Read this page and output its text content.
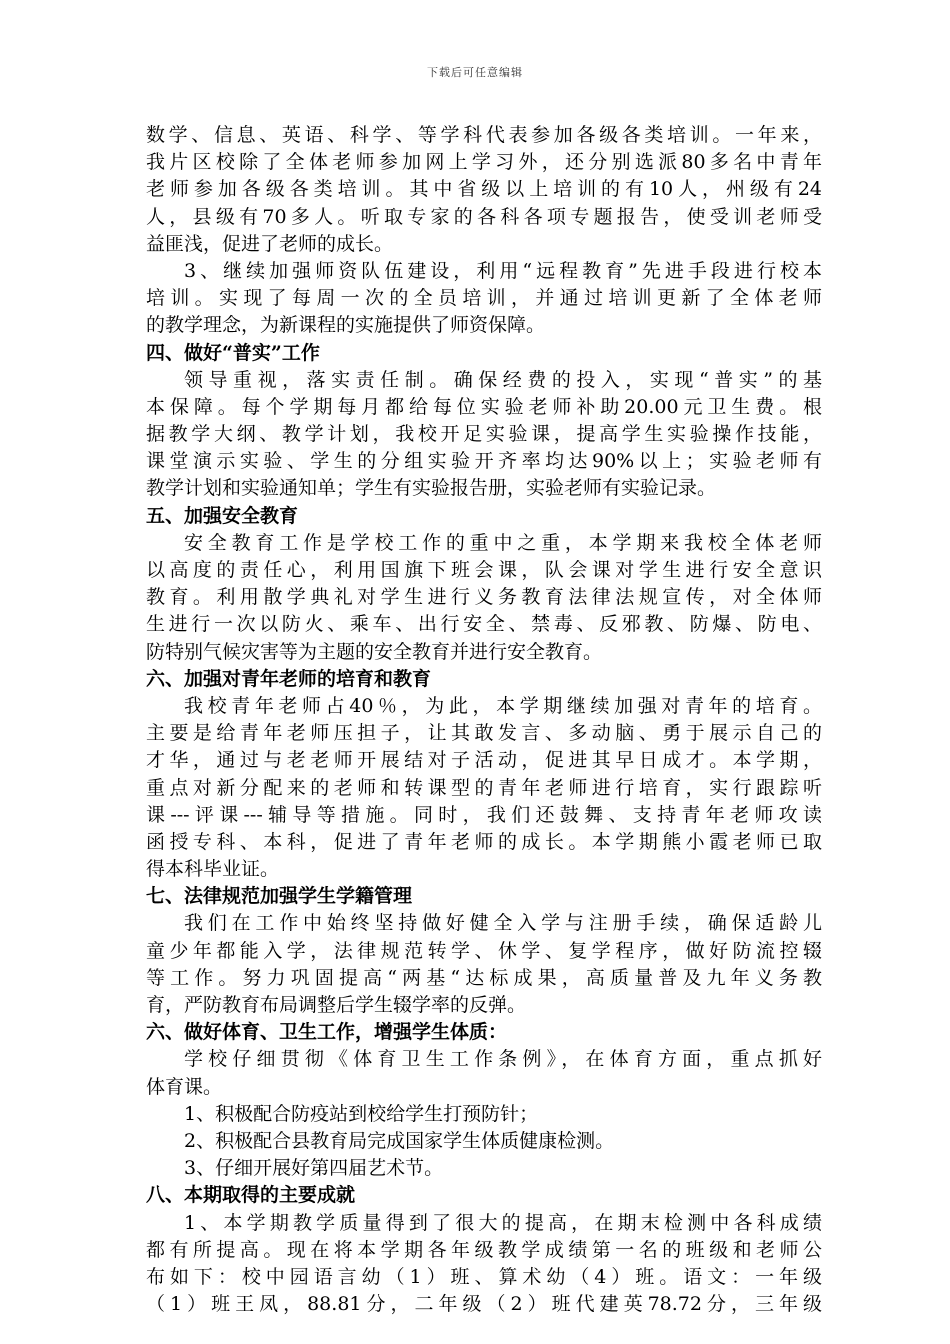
下载后可任意编辑
数学、信息、英语、科学、等学科代表参加各级各类培训。一年来，
我片区校除了全体老师参加网上学习外，还分别选派80多名中青年
老师参加各级各类培训。其中省级以上培训的有10人，州级有24
人，县级有70多人。听取专家的各科各项专题报告，使受训老师受
益匪浅，促进了老师的成长。
3、继续加强师资队伍建设，利用“远程教育”先进手段进行校本
培训。实现了每周一次的全员培训，并通过培训更新了全体老师
的教学理念，为新课程的实施提供了师资保障。
四、做好“普实”工作
领导重视，落实责任制。确保经费的投入，实现“普实”的基
本保障。每个学期每月都给每位实验老师补助20.00元卫生费。根
据教学大纲、教学计划，我校开足实验课，提高学生实验操作技能，
课堂演示实验、学生的分组实验开齐率均达90%以上；实验老师有
教学计划和实验通知单；学生有实验报告册，实验老师有实验记录。
五、加强安全教育
安全教育工作是学校工作的重中之重，本学期来我校全体老师
以高度的责任心，利用国旗下班会课，队会课对学生进行安全意识
教育。利用散学典礼对学生进行义务教育法律法规宣传，对全体师
生进行一次以防火、乘车、出行安全、禁毒、反邪教、防爆、防电、
防特别气候灾害等为主题的安全教育并进行安全教育。
六、加强对青年老师的培育和教育
我校青年老师占40％，为此，本学期继续加强对青年的培育。
主要是给青年老师压担子，让其敢发言、多动脑、勇于展示自己的
才华，通过与老老师开展结对子活动，促进其早日成才。本学期，
重点对新分配来的老师和转课型的青年老师进行培育，实行跟踪听
课---评课---辅导等措施。同时，我们还鼓舞、支持青年老师攻读
函授专科、本科，促进了青年老师的成长。本学期熊小霞老师已取
得本科毕业证。
七、法律规范加强学生学籍管理
我们在工作中始终坚持做好健全入学与注册手续，确保适龄儿
童少年都能入学，法律规范转学、休学、复学程序，做好防流控辍
等工作。努力巩固提高“两基“达标成果，高质量普及九年义务教
育，严防教育布局调整后学生辍学率的反弹。
六、做好体育、卫生工作，增强学生体质：
学校仔细贯彻《体育卫生工作条例》，在体育方面，重点抓好
体育课。
1、积极配合防疫站到校给学生打预防针；
2、积极配合县教育局完成国家学生体质健康检测。
3、仔细开展好第四届艺术节。
八、本期取得的主要成就
1、本学期教学质量得到了很大的提高，在期末检测中各科成绩
都有所提高。现在将本学期各年级教学成绩第一名的班级和老师公
布如下：校中园语言幼（1）班、算术幼（4）班。语文：一年级
（1）班王凤，88.81分，二年级（2）班代建英78.72分，三年级
